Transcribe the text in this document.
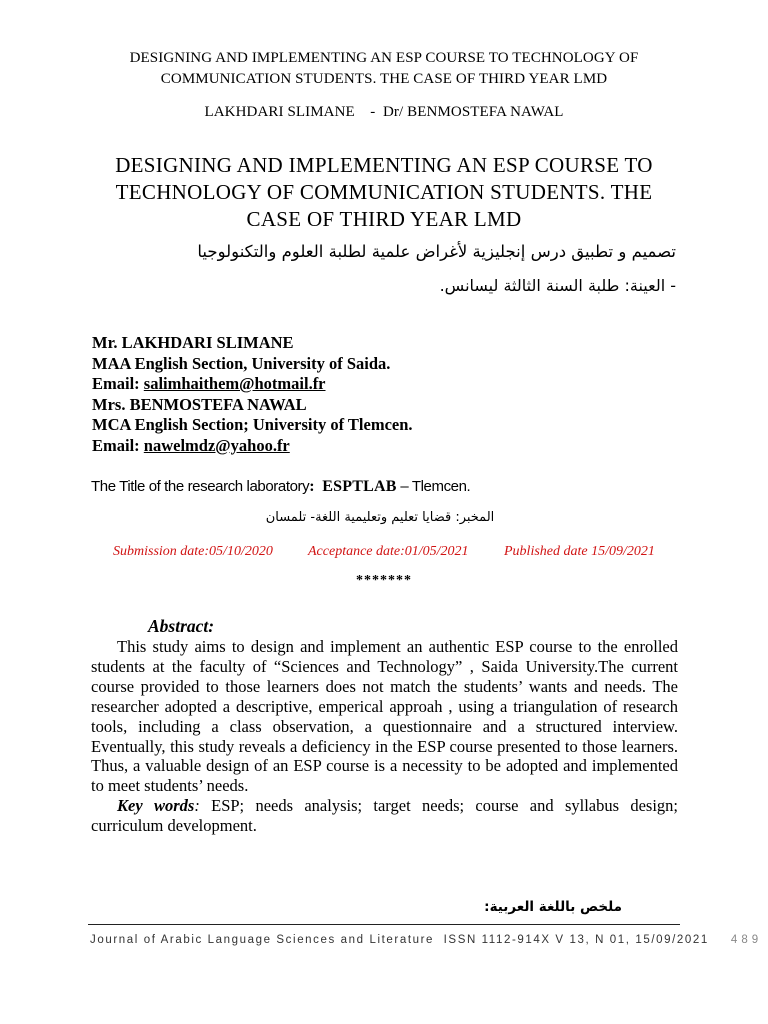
DESIGNING AND IMPLEMENTING AN ESP COURSE TO TECHNOLOGY OF
COMMUNICATION STUDENTS. THE CASE OF THIRD YEAR LMD
LAKHDARI SLIMANE    -  Dr/ BENMOSTEFA NAWAL
DESIGNING AND IMPLEMENTING AN ESP COURSE TO
TECHNOLOGY OF COMMUNICATION STUDENTS. THE
CASE OF THIRD YEAR LMD
تصميم و تطبيق درس إنجليزية لأغراض علمية لطلبة العلوم والتكنولوجيا
- العينة: طلبة السنة الثالثة ليسانس.
Mr. LAKHDARI SLIMANE
MAA English Section, University of Saida.
Email: salimhaithem@hotmail.fr
Mrs. BENMOSTEFA NAWAL
MCA English Section; University of Tlemcen.
Email: nawelmdz@yahoo.fr
The Title of the research laboratory: ESPTLAB – Tlemcen.
المخبر: قضايا تعليم وتعليمية اللغة- تلمسان
Submission date:05/10/2020	Acceptance date:01/05/2021	Published date 15/09/2021
*******
Abstract:

This study aims to design and implement an authentic ESP course to the enrolled students at the faculty of “Sciences and Technology” , Saida University.The current course provided to those learners does not match the students’ wants and needs. The researcher adopted a descriptive, emperical approah , using a triangulation of research tools, including a class observation, a questionnaire and a structured interview. Eventually, this study reveals a deficiency in the ESP course presented to those learners. Thus, a valuable design of an ESP course is a necessity to be adopted and implemented to meet students’ needs.

Key words: ESP; needs analysis; target needs; course and syllabus design; curriculum development.

ملخص باللغة العربية:
Journal of Arabic Language Sciences and Literature  ISSN 1112-914X V 13, N 01, 15/09/2021 489
